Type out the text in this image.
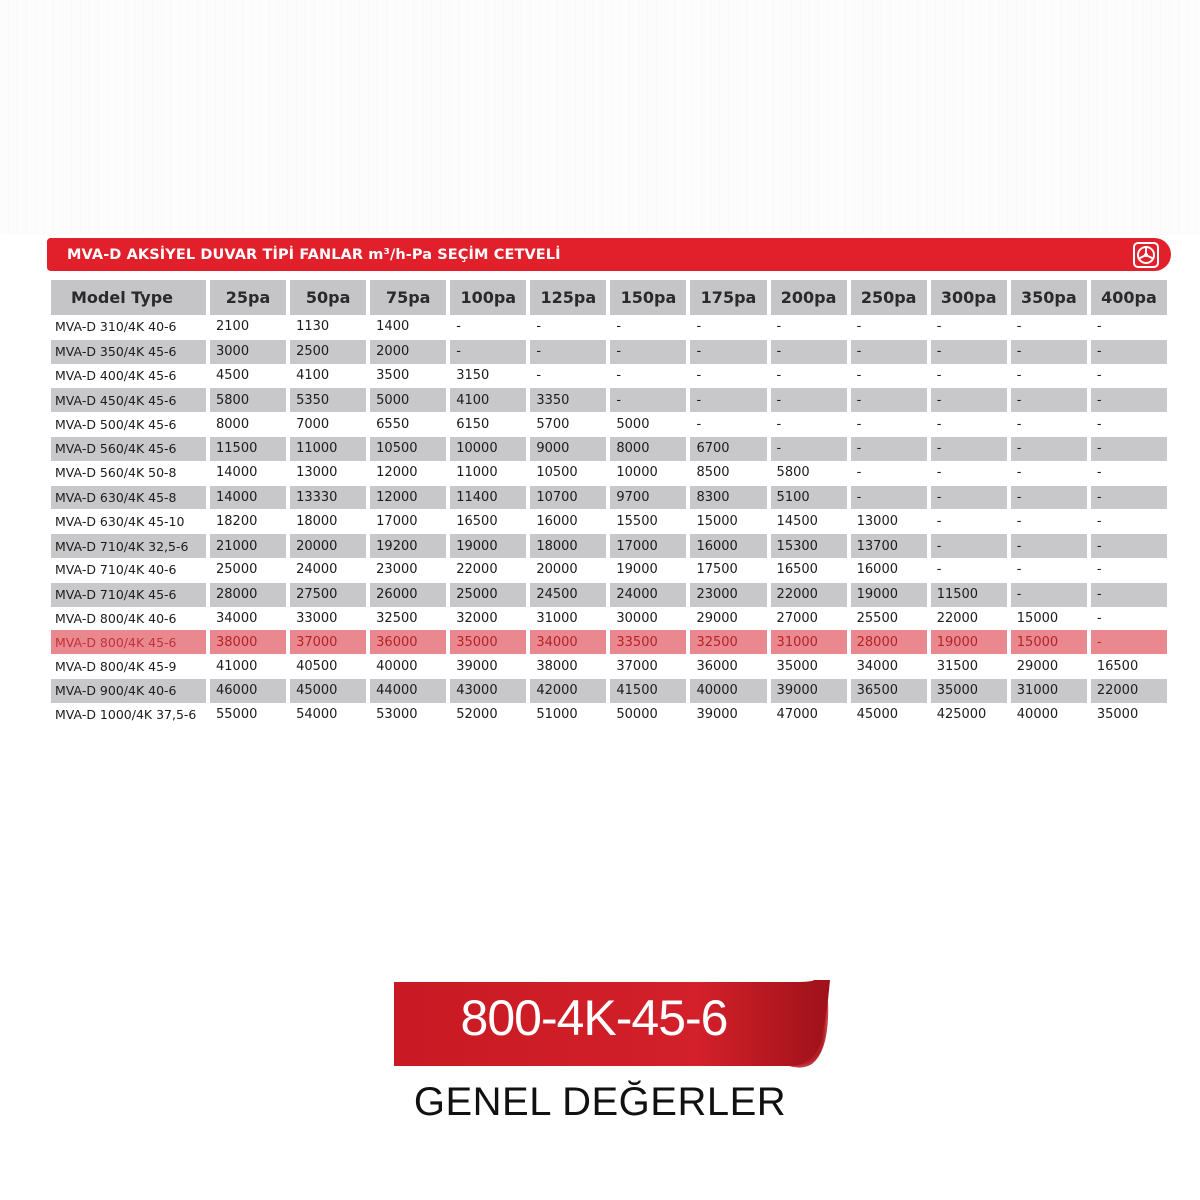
MVA-D AKSİYEL DUVAR TİPİ FANLAR m³/h-Pa SEÇİM CETVELİ
Model Type	25pa	50pa	75pa	100pa	125pa	150pa	175pa	200pa	250pa	300pa	350pa	400pa
MVA-D 310/4K 40-6	2100	1130	1400	-	-	-	-	-	-	-	-	-
MVA-D 350/4K 45-6	3000	2500	2000	-	-	-	-	-	-	-	-	-
MVA-D 400/4K 45-6	4500	4100	3500	3150	-	-	-	-	-	-	-	-
MVA-D 450/4K 45-6	5800	5350	5000	4100	3350	-	-	-	-	-	-	-
MVA-D 500/4K 45-6	8000	7000	6550	6150	5700	5000	-	-	-	-	-	-
MVA-D 560/4K 45-6	11500	11000	10500	10000	9000	8000	6700	-	-	-	-	-
MVA-D 560/4K 50-8	14000	13000	12000	11000	10500	10000	8500	5800	-	-	-	-
MVA-D 630/4K 45-8	14000	13330	12000	11400	10700	9700	8300	5100	-	-	-	-
MVA-D 630/4K 45-10	18200	18000	17000	16500	16000	15500	15000	14500	13000	-	-	-
MVA-D 710/4K 32,5-6	21000	20000	19200	19000	18000	17000	16000	15300	13700	-	-	-
MVA-D 710/4K 40-6	25000	24000	23000	22000	20000	19000	17500	16500	16000	-	-	-
MVA-D 710/4K 45-6	28000	27500	26000	25000	24500	24000	23000	22000	19000	11500	-	-
MVA-D 800/4K 40-6	34000	33000	32500	32000	31000	30000	29000	27000	25500	22000	15000	-
MVA-D 800/4K 45-6	38000	37000	36000	35000	34000	33500	32500	31000	28000	19000	15000	-
MVA-D 800/4K 45-9	41000	40500	40000	39000	38000	37000	36000	35000	34000	31500	29000	16500
MVA-D 900/4K 40-6	46000	45000	44000	43000	42000	41500	40000	39000	36500	35000	31000	22000
MVA-D 1000/4K 37,5-6	55000	54000	53000	52000	51000	50000	39000	47000	45000	425000	40000	35000
800-4K-45-6
GENEL DEĞERLER
